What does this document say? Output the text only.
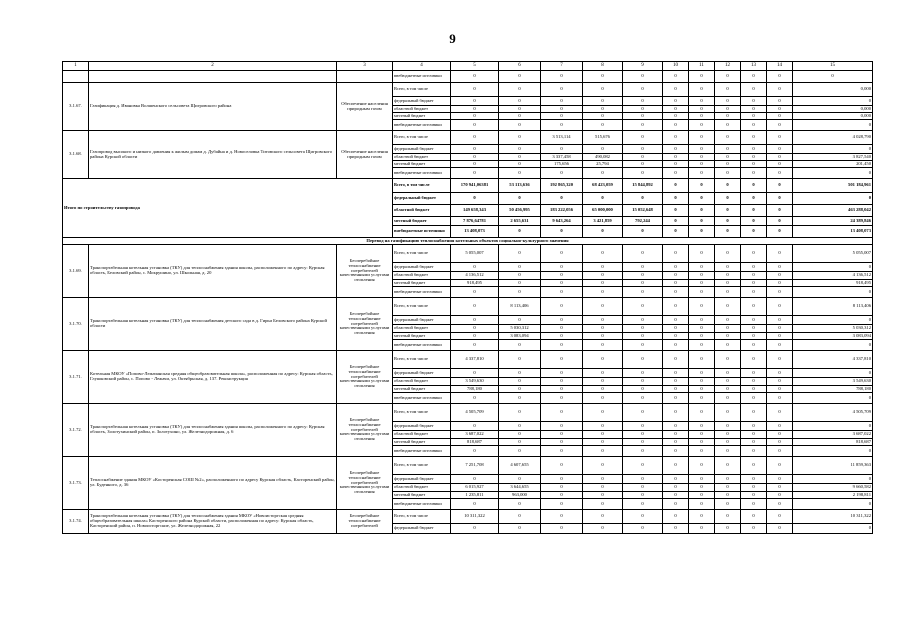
9
1	2	3	4	5	6	7	8	9	10	11	12	13	14	15
			внебюджетные источники	0	0	0	0	0	0	0	0	0	0	0
3.1.67.	Газификация д. Ивановка Волшенского сельсовета Щигровского района	Обеспечение населения природным газом	Всего, в том числе	0	0	0	0	0	0	0	0	0	0	0,000
			федеральный бюджет	0	0	0	0	0	0	0	0	0	0	0
			областной бюджет	0	0	0	0	0	0	0	0	0	0	0,000
			местный бюджет	0	0	0	0	0	0	0	0	0	0	0,000
			внебюджетные источники	0	0	0	0	0	0	0	0	0	0	0
3.1.68.	Газопровод высокого и низкого давления к жилым домам д. Дубайна и д. Новоселовка Титовского сельсовета Щигровского района Курской области	Обеспечение населения природным газом	Всего, в том числе	0	0	3 513,114	515,676	0	0	0	0	0	0	4 028,790
			федеральный бюджет	0	0	0	0	0	0	0	0	0	0	0
			областной бюджет	0	0	3 337,458	490,082	0	0	0	0	0	0	3 827,540
			местный бюджет	0	0	175,656	25,794	0	0	0	0	0	0	201,450
			внебюджетные источники	0	0	0	0	0	0	0	0	0	0	0
Итого по строительству газопровода			Всего, в том числе	170 941,06381	53 113,636	192 865,320	68 423,059	15 844,892	0	0	0	0	0	501 184,961
			федеральный бюджет	0	0	0	0	0	0	0	0	0	0	0
			областной бюджет	149 658,343	50 456,995	183 222,056	65 000,000	15 052,648	0	0	0	0	0	463 288,042
			местный бюджет	7 876,64781	2 655,631	9 643,264	3 421,859	792,244	0	0	0	0	0	24 389,846
			внебюджетные источники	13 408,073	0	0	0	0	0	0	0	0	0	13 408,073
Перевод на газификацию теплоснабжения котельных объектов социально-культурного значения														
3.1.69.	Транспортабельная котельная установка (ТКУ) для теплоснабжения здания школы, расположенного по адресу: Курская область, Беловский район, с. Мокрушино, ул. Школьная, д. 20	Бесперебойное теплоснабжение потребителей качественными услугами отопления	Всего, в том числе	5 055,007	0	0	0	0	0	0	0	0	0	5 055,007
			федеральный бюджет	0	0	0	0	0	0	0	0	0	0	0
			областной бюджет	4 136,512	0	0	0	0	0	0	0	0	0	4 136,512
			местный бюджет	918,495	0	0	0	0	0	0	0	0	0	918,495
			внебюджетные источники	0	0	0	0	0	0	0	0	0	0	0
3.1.70.	Транспортабельная котельная установка (ТКУ) для теплоснабжения детского сада в д. Гирьи Беловского района Курской области	Бесперебойное теплоснабжение потребителей качественными услугами отопления	Всего, в том числе	0	8 113,406	0	0	0	0	0	0	0	0	8 113,406
			федеральный бюджет	0	0	0	0	0	0	0	0	0	0	0
			областной бюджет	0	5 030,312	0	0	0	0	0	0	0	0	5 030,312
			местный бюджет	0	3 083,094	0	0	0	0	0	0	0	0	3 083,094
			внебюджетные источники	0	0	0	0	0	0	0	0	0	0	0
3.1.71.	Котельная МКОУ «Попово-Лежачанская средняя общеобразовательная школа», расположенная по адресу: Курская область, Глушковский район, с. Попово - Лежачи, ул. Октябрьская, д. 137. Реконструкция	Бесперебойное теплоснабжение потребителей качественными услугами отопления	Всего, в том числе	4 337,810	0	0	0	0	0	0	0	0	0	4 337,810
			федеральный бюджет	0	0	0	0	0	0	0	0	0	0	0
			областной бюджет	3 549,630	0	0	0	0	0	0	0	0	0	3 549,630
			местный бюджет	788,180	0	0	0	0	0	0	0	0	0	788,180
			внебюджетные источники	0	0	0	0	0	0	0	0	0	0	0
3.1.72.	Транспортабельная котельная установка (ТКУ) для теплоснабжения здания школы, расположенного по адресу: Курская область, Золотухинский район, п. Золотухино, ул. Железнодорожная, д. 6	Бесперебойное теплоснабжение потребителей качественными услугами отопления	Всего, в том числе	4 505,709	0	0	0	0	0	0	0	0	0	4 505,709
			федеральный бюджет	0	0	0	0	0	0	0	0	0	0	0
			областной бюджет	3 687,022	0	0	0	0	0	0	0	0	0	3 687,022
			местный бюджет	818,687	0	0	0	0	0	0	0	0	0	818,687
			внебюджетные источники	0	0	0	0	0	0	0	0	0	0	0
3.1.73.	Теплоснабжение здания МКОУ «Косторенская СОШ №2», расположенного по адресу Курская область, Касторенский район, ул. Буденного, д. 36	Бесперебойное теплоснабжение потребителей качественными услугами отопления	Всего, в том числе	7 251,708	4 607,655	0	0	0	0	0	0	0	0	11 859,363
			федеральный бюджет	0	0	0	0	0	0	0	0	0	0	0
			областной бюджет	6 015,927	3 644,655	0	0	0	0	0	0	0	0	9 660,582
			местный бюджет	1 235,811	963,000	0	0	0	0	0	0	0	0	2 198,811
			внебюджетные источники	0	0	0	0	0	0	0	0	0	0	0
3.1.74.	Транспортабельная котельная установка (ТКУ) для теплоснабжения здания МКОУ «Новоисторгская средняя общеобразовательная школа» Касторенского района Курской области, расположенная по адресу: Курская область, Касторенский район, п. Новоисторгские, ул. Железнодорожная, 22	Бесперебойное теплоснабжение потребителей	Всего, в том числе	10 311,322	0	0	0	0	0	0	0	0	0	10 311,322
			федеральный бюджет	0	0	0	0	0	0	0	0	0	0	0
